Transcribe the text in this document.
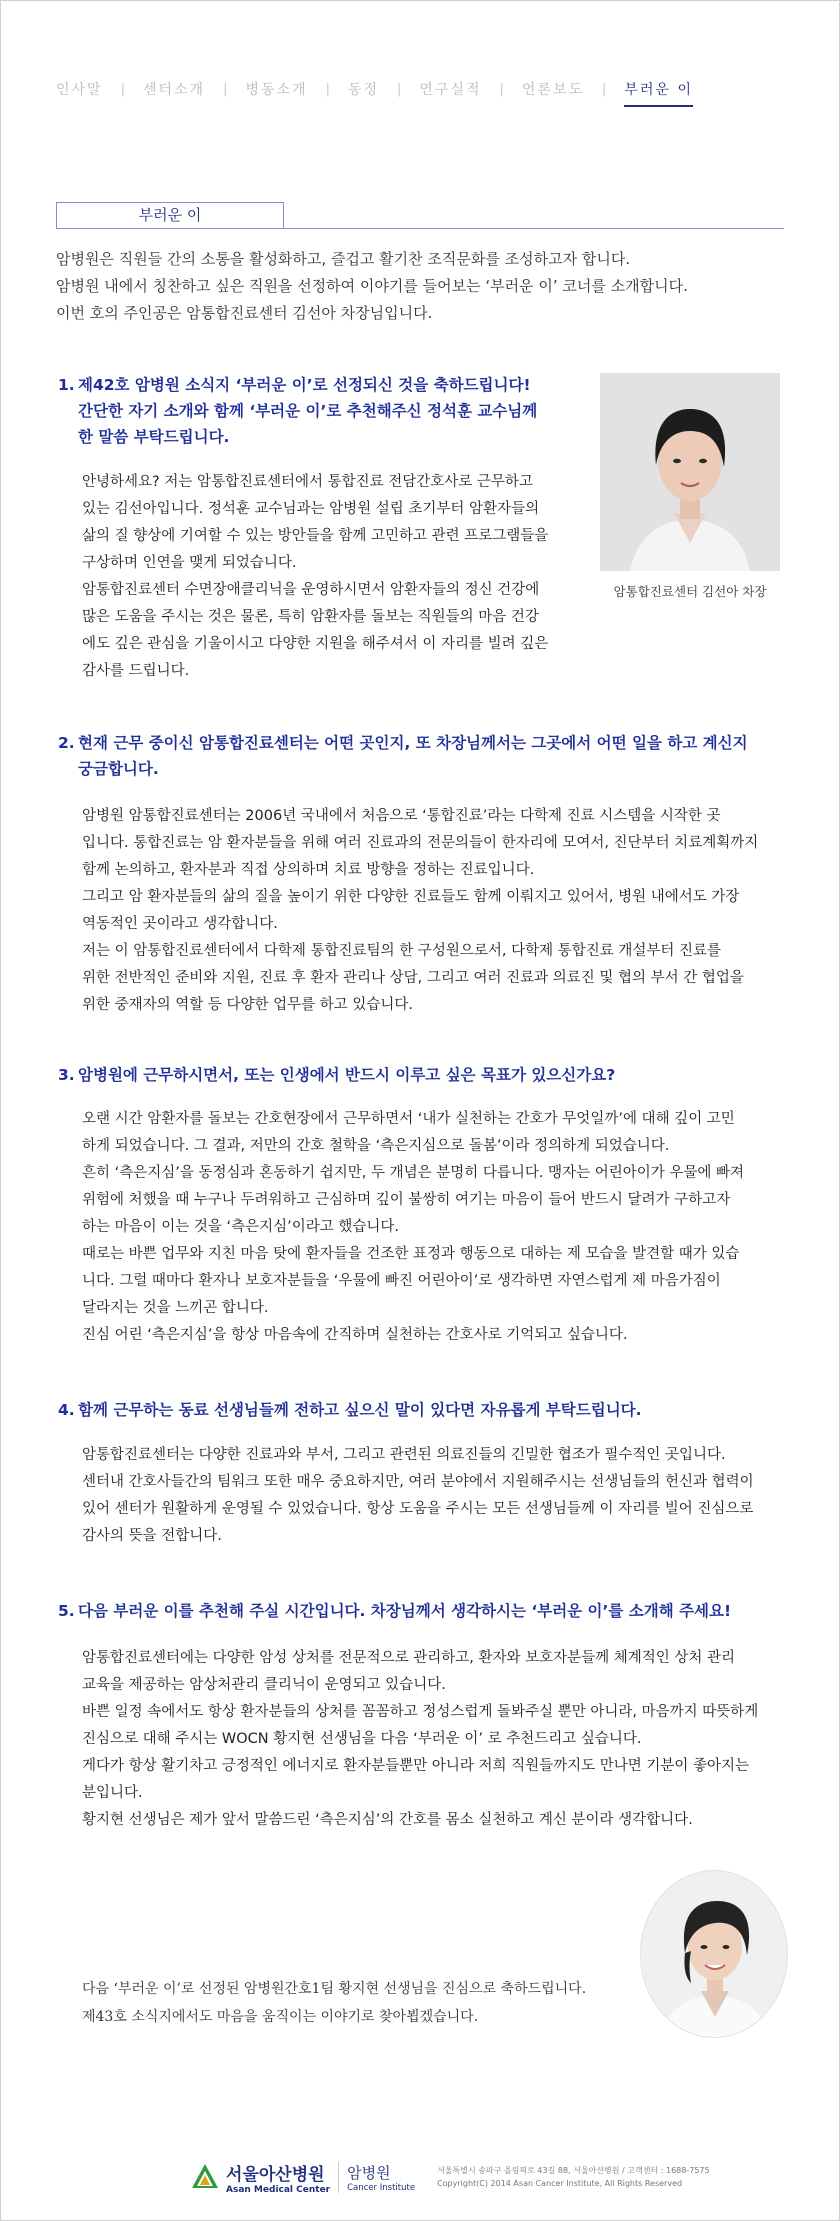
인사말 | 센터소개 | 병동소개 | 동정 | 연구실적 | 언론보도 | 부러운 이
부러운 이
암병원은 직원들 간의 소통을 활성화하고, 즐겁고 활기찬 조직문화를 조성하고자 합니다.
암병원 내에서 칭찬하고 싶은 직원을 선정하여 이야기를 들어보는 ‘부러운 이’ 코너를 소개합니다.
이번 호의 주인공은 암통합진료센터 김선아 차장님입니다.
1. 제42호 암병원 소식지 ‘부러운 이’로 선정되신 것을 축하드립니다!
간단한 자기 소개와 함께 ‘부러운 이’로 추천해주신 정석훈 교수님께
한 말씀 부탁드립니다.
안녕하세요? 저는 암통합진료센터에서 통합진료 전담간호사로 근무하고
있는 김선아입니다. 정석훈 교수님과는 암병원 설립 초기부터 암환자들의
삶의 질 향상에 기여할 수 있는 방안들을 함께 고민하고 관련 프로그램들을
구상하며 인연을 맺게 되었습니다.
암통합진료센터 수면장애클리닉을 운영하시면서 암환자들의 정신 건강에
많은 도움을 주시는 것은 물론, 특히 암환자를 돌보는 직원들의 마음 건강
에도 깊은 관심을 기울이시고 다양한 지원을 해주셔서 이 자리를 빌려 깊은
감사를 드립니다.
암통합진료센터 김선아 차장
2. 현재 근무 중이신 암통합진료센터는 어떤 곳인지, 또 차장님께서는 그곳에서 어떤 일을 하고 계신지
궁금합니다.
암병원 암통합진료센터는 2006년 국내에서 처음으로 ‘통합진료’라는 다학제 진료 시스템을 시작한 곳
입니다. 통합진료는 암 환자분들을 위해 여러 진료과의 전문의들이 한자리에 모여서, 진단부터 치료계획까지
함께 논의하고, 환자분과 직접 상의하며 치료 방향을 정하는 진료입니다.
그리고 암 환자분들의 삶의 질을 높이기 위한 다양한 진료들도 함께 이뤄지고 있어서, 병원 내에서도 가장
역동적인 곳이라고 생각합니다.
저는 이 암통합진료센터에서 다학제 통합진료팀의 한 구성원으로서, 다학제 통합진료 개설부터 진료를
위한 전반적인 준비와 지원, 진료 후 환자 관리나 상담, 그리고 여러 진료과 의료진 및 협의 부서 간 협업을
위한 중재자의 역할 등 다양한 업무를 하고 있습니다.
3. 암병원에 근무하시면서, 또는 인생에서 반드시 이루고 싶은 목표가 있으신가요?
오랜 시간 암환자를 돌보는 간호현장에서 근무하면서 ‘내가 실천하는 간호가 무엇일까’에 대해 깊이 고민
하게 되었습니다. 그 결과, 저만의 간호 철학을 ‘측은지심으로 돌봄’이라 정의하게 되었습니다.
흔히 ‘측은지심’을 동정심과 혼동하기 쉽지만, 두 개념은 분명히 다릅니다. 맹자는 어린아이가 우물에 빠져
위험에 처했을 때 누구나 두려워하고 근심하며 깊이 불쌍히 여기는 마음이 들어 반드시 달려가 구하고자
하는 마음이 이는 것을 ‘측은지심’이라고 했습니다.
때로는 바쁜 업무와 지친 마음 탓에 환자들을 건조한 표정과 행동으로 대하는 제 모습을 발견할 때가 있습
니다. 그럴 때마다 환자나 보호자분들을 ‘우물에 빠진 어린아이’로 생각하면 자연스럽게 제 마음가짐이
달라지는 것을 느끼곤 합니다.
진심 어린 ‘측은지심’을 항상 마음속에 간직하며 실천하는 간호사로 기억되고 싶습니다.
4. 함께 근무하는 동료 선생님들께 전하고 싶으신 말이 있다면 자유롭게 부탁드립니다.
암통합진료센터는 다양한 진료과와 부서, 그리고 관련된 의료진들의 긴밀한 협조가 필수적인 곳입니다.
센터내 간호사들간의 팀워크 또한 매우 중요하지만, 여러 분야에서 지원해주시는 선생님들의 헌신과 협력이
있어 센터가 원활하게 운영될 수 있었습니다. 항상 도움을 주시는 모든 선생님들께 이 자리를 빌어 진심으로
감사의 뜻을 전합니다.
5. 다음 부러운 이를 추천해 주실 시간입니다. 차장님께서 생각하시는 ‘부러운 이’를 소개해 주세요!
암통합진료센터에는 다양한 암성 상처를 전문적으로 관리하고, 환자와 보호자분들께 체계적인 상처 관리
교육을 제공하는 암상처관리 클리닉이 운영되고 있습니다.
바쁜 일정 속에서도 항상 환자분들의 상처를 꼼꼼하고 정성스럽게 돌봐주실 뿐만 아니라, 마음까지 따뜻하게
진심으로 대해 주시는 WOCN 황지현 선생님을 다음 ‘부러운 이’ 로 추천드리고 싶습니다.
게다가 항상 활기차고 긍정적인 에너지로 환자분들뿐만 아니라 저희 직원들까지도 만나면 기분이 좋아지는
분입니다.
황지현 선생님은 제가 앞서 말씀드린 ‘측은지심’의 간호를 몸소 실천하고 계신 분이라 생각합니다.
다음 ‘부러운 이’로 선정된 암병원간호1팀 황지현 선생님을 진심으로 축하드립니다.
제43호 소식지에서도 마음을 움직이는 이야기로 찾아뵙겠습니다.
서울아산병원
Asan Medical Center
암병원
Cancer Institute
서울특별시 송파구 올림픽로 43길 88, 서울아산병원 / 고객센터 : 1688-7575
Copyright(C) 2014 Asan Cancer Institute, All Rights Reserved
